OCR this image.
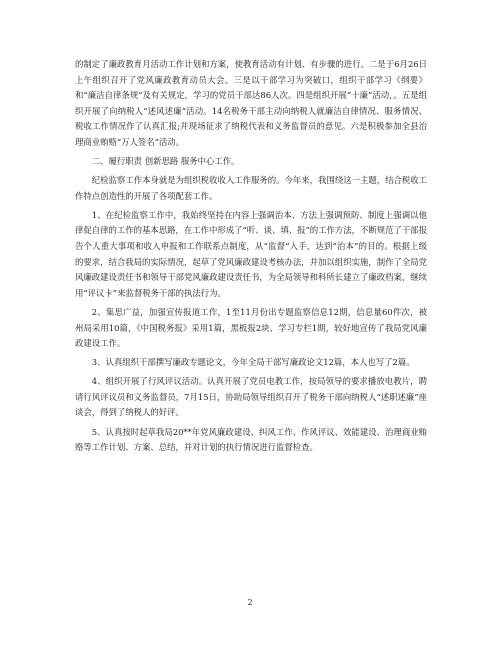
的制定了廉政教育月活动工作计划和方案，使教育活动有计划、有步骤的进行。二是于6月26日上午组织召开了党风廉政教育动员大会。三是以干部学习为突破口，组织干部学习《纲要》和“廉洁自律条规”及有关规定，学习的党员干部达86人次。四是组织开展“十廉”活动，。五是组织开展了向纳税人“述风述廉”活动。14名税务干部主动向纳税人就廉洁自律情况、服务情况、税收工作情况作了认真汇报;并现场征求了纳税代表和义务监督员的意见。六是积极参加全县治理商业贿赂“万人签名”活动。

二、履行职责 创新思路 服务中心工作。

纪检监察工作本身就是为组织税收收入工作服务的。今年来，我围绕这一主题，结合税收工作特点创造性的开展了各项配套工作。

1、在纪检监察工作中，我始终坚持在内容上强调治本、方法上强调预防、制度上强调以他律促自律的工作的基本思路，在工作中形成了“听、谈、填、报”的工作方法，不断规范了干部报告个人重大事项和收入申报和工作联系点制度，从“监督”入手，达到“治本”的目的。根据上级的要求，结合我局的实际情况，起草了党风廉政建设考核办法，并加以组织实施，制作了全局党风廉政建设责任书和领导干部党风廉政建设责任书，为全局领导和科所长建立了廉政档案，继续用“评议卡”来监督税务干部的执法行为。

2、集思广益，加强宣传报道工作，1至11月份出专题监察信息12期，信息量60件次，被州局采用10篇，《中国税务报》采用1篇，黑板报2块、学习专栏1期，较好地宣传了我局党风廉政建设工作。

3、认真组织干部撰写廉政专题论文，今年全局干部写廉政论文12篇，本人也写了2篇。

4、组织开展了行风评议活动。认真开展了党员电教工作，按局领导的要求播放电教片，聘请行风评议员和义务监督员，7月15日，协助局领导组织召开了税务干部向纳税人“述职述廉”座谈会，得到了纳税人的好评。

5、认真按时起草我局20**年党风廉政建设、纠风工作、作风评议、效能建设、治理商业贿赂等工作计划、方案、总结，并对计划的执行情况进行监督检查。

2
